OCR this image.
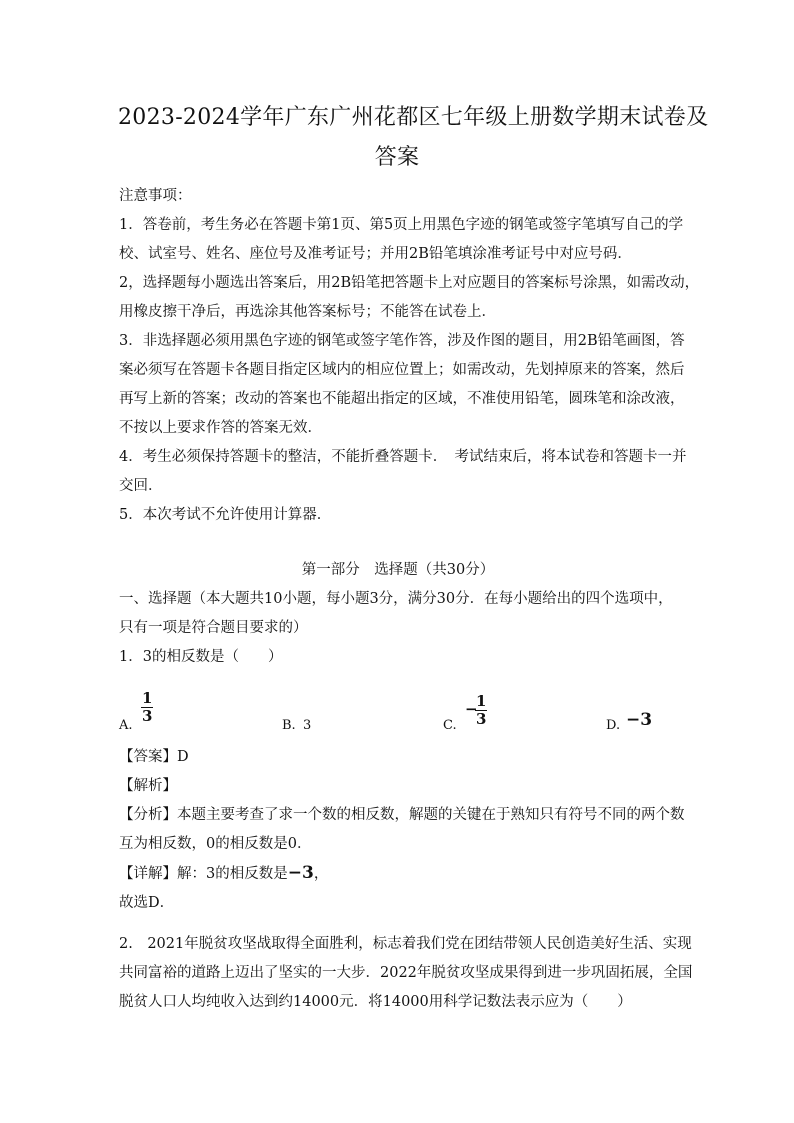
2023-2024学年广东广州花都区七年级上册数学期末试卷及
答案
注意事项：
1．答卷前，考生务必在答题卡第1页、第5页上用黑色字迹的钢笔或签字笔填写自己的学
校、试室号、姓名、座位号及准考证号；并用2B铅笔填涂准考证号中对应号码．
2，选择题每小题选出答案后，用2B铅笔把答题卡上对应题目的答案标号涂黑，如需改动，
用橡皮擦干净后，再选涂其他答案标号；不能答在试卷上．
3．非选择题必须用黑色字迹的钢笔或签字笔作答，涉及作图的题目，用2B铅笔画图，答
案必须写在答题卡各题目指定区域内的相应位置上；如需改动，先划掉原来的答案，然后
再写上新的答案；改动的答案也不能超出指定的区域，不准使用铅笔，圆珠笔和涂改液，
不按以上要求作答的答案无效．
4．考生必须保持答题卡的整洁，不能折叠答题卡．　考试结束后，将本试卷和答题卡一并
交回．
5．本次考试不允许使用计算器．
第一部分　选择题（共30分）
一、选择题（本大题共10小题，每小题3分，满分30分．在每小题给出的四个选项中，
只有一项是符合题目要求的）
1．3的相反数是（　　）
A.
$\frac{1}{3}$
B. 3	C.
−
$\frac{1}{3}$	D. −3
【答案】D
【解析】
【分析】本题主要考查了求一个数的相反数，解题的关键在于熟知只有符号不同的两个数
互为相反数，0的相反数是0．
【详解】解：3的相反数是−3，
故选D．
2.　2021年脱贫攻坚战取得全面胜利，标志着我们党在团结带领人民创造美好生活、实现
共同富裕的道路上迈出了坚实的一大步．2022年脱贫攻坚成果得到进一步巩固拓展，全国
脱贫人口人均纯收入达到约14000元．将14000用科学记数法表示应为（　　）
